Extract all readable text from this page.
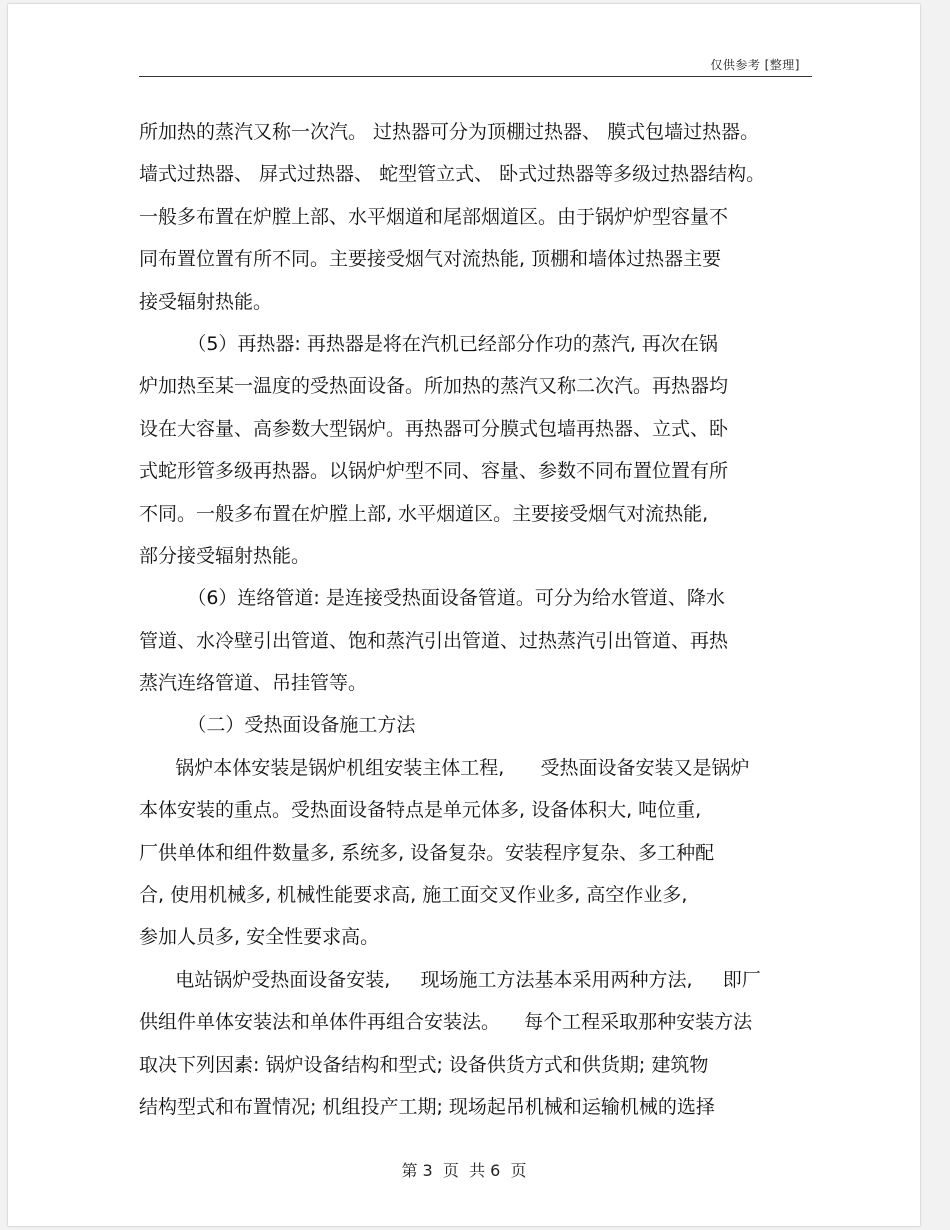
仅供参考 [整理]
所加热的蒸汽又称一次汽。 过热器可分为顶棚过热器、 膜式包墙过热器。
墙式过热器、 屏式过热器、 蛇型管立式、 卧式过热器等多级过热器结构。
一般多布置在炉膛上部、水平烟道和尾部烟道区。由于锅炉炉型容量不
同布置位置有所不同。主要接受烟气对流热能, 顶棚和墙体过热器主要
接受辐射热能。
（5）再热器: 再热器是将在汽机已经部分作功的蒸汽, 再次在锅
炉加热至某一温度的受热面设备。所加热的蒸汽又称二次汽。再热器均
设在大容量、高参数大型锅炉。再热器可分膜式包墙再热器、立式、卧
式蛇形管多级再热器。以锅炉炉型不同、容量、参数不同布置位置有所
不同。一般多布置在炉膛上部, 水平烟道区。主要接受烟气对流热能,
部分接受辐射热能。
（6）连络管道: 是连接受热面设备管道。可分为给水管道、降水
管道、水冷壁引出管道、饱和蒸汽引出管道、过热蒸汽引出管道、再热
蒸汽连络管道、吊挂管等。
（二）受热面设备施工方法
锅炉本体安装是锅炉机组安装主体工程,      受热面设备安装又是锅炉
本体安装的重点。受热面设备特点是单元体多, 设备体积大, 吨位重,
厂供单体和组件数量多, 系统多, 设备复杂。安装程序复杂、多工种配
合, 使用机械多, 机械性能要求高, 施工面交叉作业多, 高空作业多,
参加人员多, 安全性要求高。
电站锅炉受热面设备安装,     现场施工方法基本采用两种方法,     即厂
供组件单体安装法和单体件再组合安装法。    每个工程采取那种安装方法
取决下列因素: 锅炉设备结构和型式; 设备供货方式和供货期; 建筑物
结构型式和布置情况; 机组投产工期; 现场起吊机械和运输机械的选择
第 3  页  共 6  页
